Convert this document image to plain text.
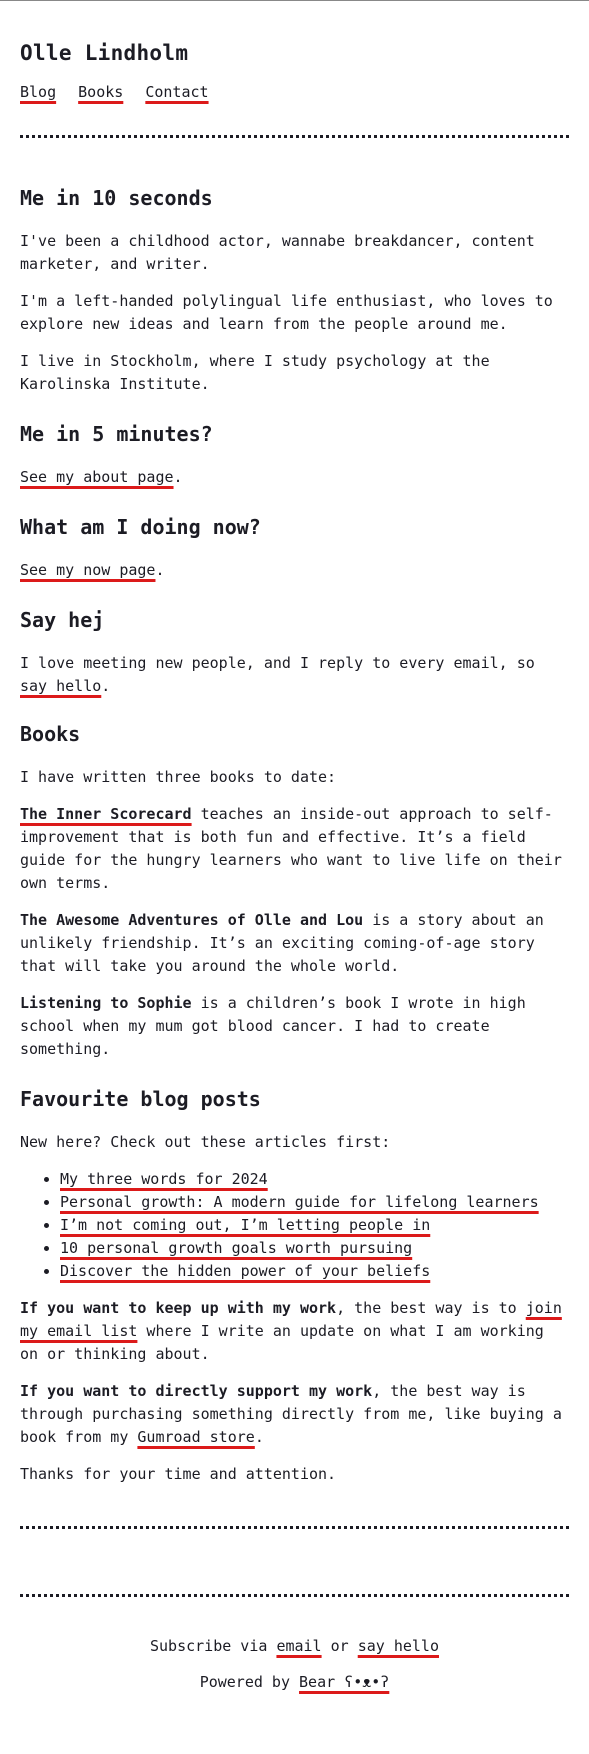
Olle Lindholm
Blog Books Contact
Me in 10 seconds

I've been a childhood actor, wannabe breakdancer, content marketer, and writer.

I'm a left-handed polylingual life enthusiast, who loves to explore new ideas and learn from the people around me.

I live in Stockholm, where I study psychology at the Karolinska Institute.

Me in 5 minutes?

See my about page.

What am I doing now?

See my now page.

Say hej

I love meeting new people, and I reply to every email, so say hello.

Books

I have written three books to date:

The Inner Scorecard teaches an inside-out approach to self-improvement that is both fun and effective. It’s a field guide for the hungry learners who want to live life on their own terms.

The Awesome Adventures of Olle and Lou is a story about an unlikely friendship. It’s an exciting coming-of-age story that will take you around the whole world.

Listening to Sophie is a children’s book I wrote in high school when my mum got blood cancer. I had to create something.

Favourite blog posts

New here? Check out these articles first:

• My three words for 2024
• Personal growth: A modern guide for lifelong learners
• I’m not coming out, I’m letting people in
• 10 personal growth goals worth pursuing
• Discover the hidden power of your beliefs

If you want to keep up with my work, the best way is to join my email list where I write an update on what I am working on or thinking about.

If you want to directly support my work, the best way is through purchasing something directly from me, like buying a book from my Gumroad store.

Thanks for your time and attention.

Subscribe via email or say hello

Powered by Bear ʕ•ᴥ•ʔ
